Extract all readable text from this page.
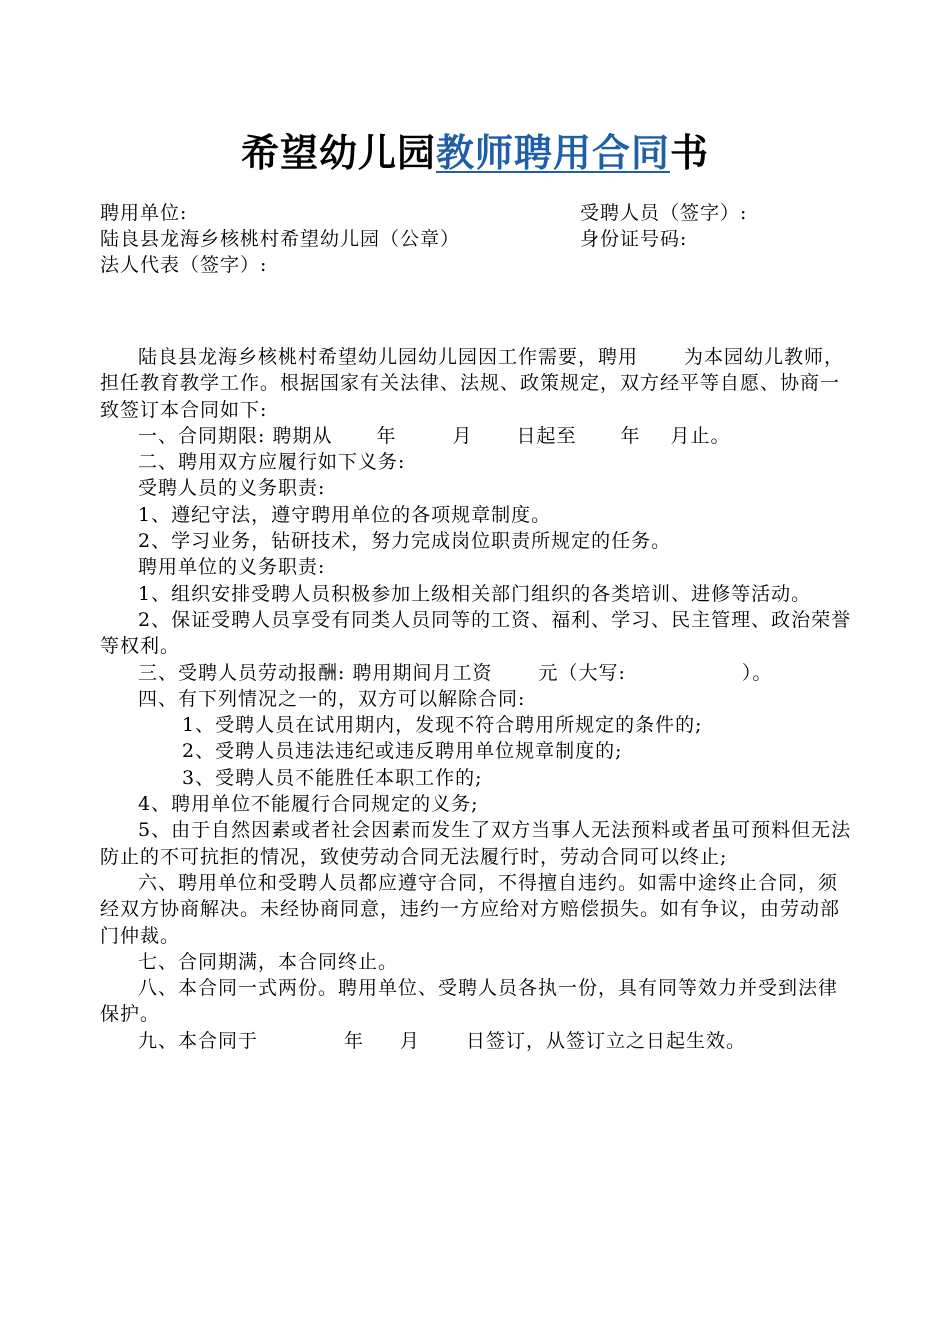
希望幼儿园教师聘用合同书
聘用单位:
陆良县龙海乡核桃村希望幼儿园（公章）
法人代表（签字）:
受聘人员（签字）:
身份证号码:

陆良县龙海乡核桃村希望幼儿园幼儿园因工作需要，聘用 为本园幼儿教师，担任教育教学工作。根据国家有关法律、法规、政策规定，双方经平等自愿、协商一致签订本合同如下:

一、合同期限: 聘期从 年	月 日起至 年 月止。

二、聘用双方应履行如下义务:

受聘人员的义务职责:

1、遵纪守法，遵守聘用单位的各项规章制度。

2、学习业务，钻研技术，努力完成岗位职责所规定的任务。

聘用单位的义务职责:

1、组织安排受聘人员积极参加上级相关部门组织的各类培训、进修等活动。

2、保证受聘人员享受有同类人员同等的工资、福利、学习、民主管理、政治荣誉等权利。

三、受聘人员劳动报酬: 聘用期间月工资 元（大写:	）。

四、有下列情况之一的，双方可以解除合同:

1、受聘人员在试用期内，发现不符合聘用所规定的条件的;

2、受聘人员违法违纪或违反聘用单位规章制度的;

3、受聘人员不能胜任本职工作的;

4、聘用单位不能履行合同规定的义务;

5、由于自然因素或者社会因素而发生了双方当事人无法预料或者虽可预料但无法防止的不可抗拒的情况，致使劳动合同无法履行时，劳动合同可以终止;

六、聘用单位和受聘人员都应遵守合同，不得擅自违约。如需中途终止合同，须经双方协商解决。未经协商同意，违约一方应给对方赔偿损失。如有争议，由劳动部门仲裁。

七、合同期满，本合同终止。

八、本合同一式两份。聘用单位、受聘人员各执一份，具有同等效力并受到法律保护。

九、本合同于	年 月 日签订，从签订立之日起生效。
